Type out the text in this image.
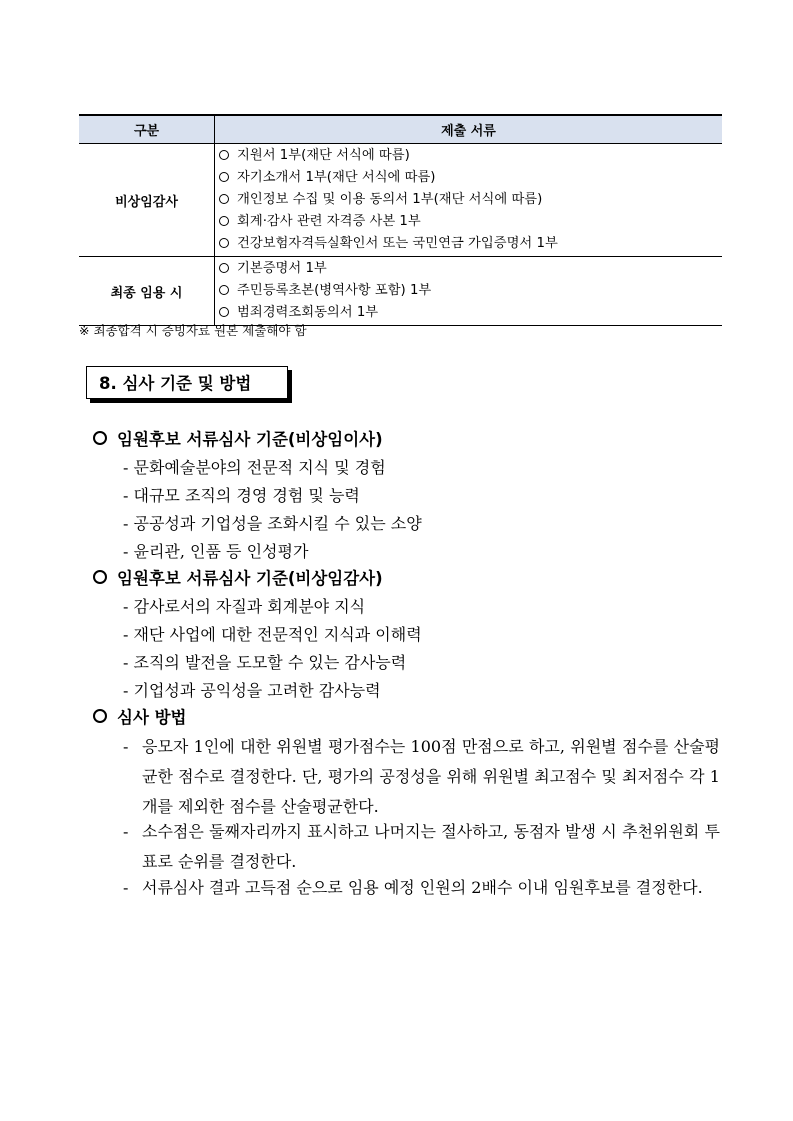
구분	제출 서류
비상임감사	지원서 1부(재단 서식에 따름)
자기소개서 1부(재단 서식에 따름)
개인정보 수집 및 이용 동의서 1부(재단 서식에 따름)
회계·감사 관련 자격증 사본 1부
건강보험자격득실확인서 또는 국민연금 가입증명서 1부

최종 임용 시	기본증명서 1부
주민등록초본(병역사항 포함) 1부
범죄경력조회동의서 1부
※ 최종합격 시 증빙자료 원본 제출해야 함
8. 심사 기준 및 방법
임원후보 서류심사 기준(비상임이사)
- 문화예술분야의 전문적 지식 및 경험
- 대규모 조직의 경영 경험 및 능력
- 공공성과 기업성을 조화시킬 수 있는 소양
- 윤리관, 인품 등 인성평가
임원후보 서류심사 기준(비상임감사)
- 감사로서의 자질과 회계분야 지식
- 재단 사업에 대한 전문적인 지식과 이해력
- 조직의 발전을 도모할 수 있는 감사능력
- 기업성과 공익성을 고려한 감사능력
심사 방법
- 응모자 1인에 대한 위원별 평가점수는 100점 만점으로 하고, 위원별 점수를 산술평균한 점수로 결정한다. 단, 평가의 공정성을 위해 위원별 최고점수 및 최저점수 각 1개를 제외한 점수를 산술평균한다.
- 소수점은 둘째자리까지 표시하고 나머지는 절사하고, 동점자 발생 시 추천위원회 투표로 순위를 결정한다.
- 서류심사 결과 고득점 순으로 임용 예정 인원의 2배수 이내 임원후보를 결정한다.
